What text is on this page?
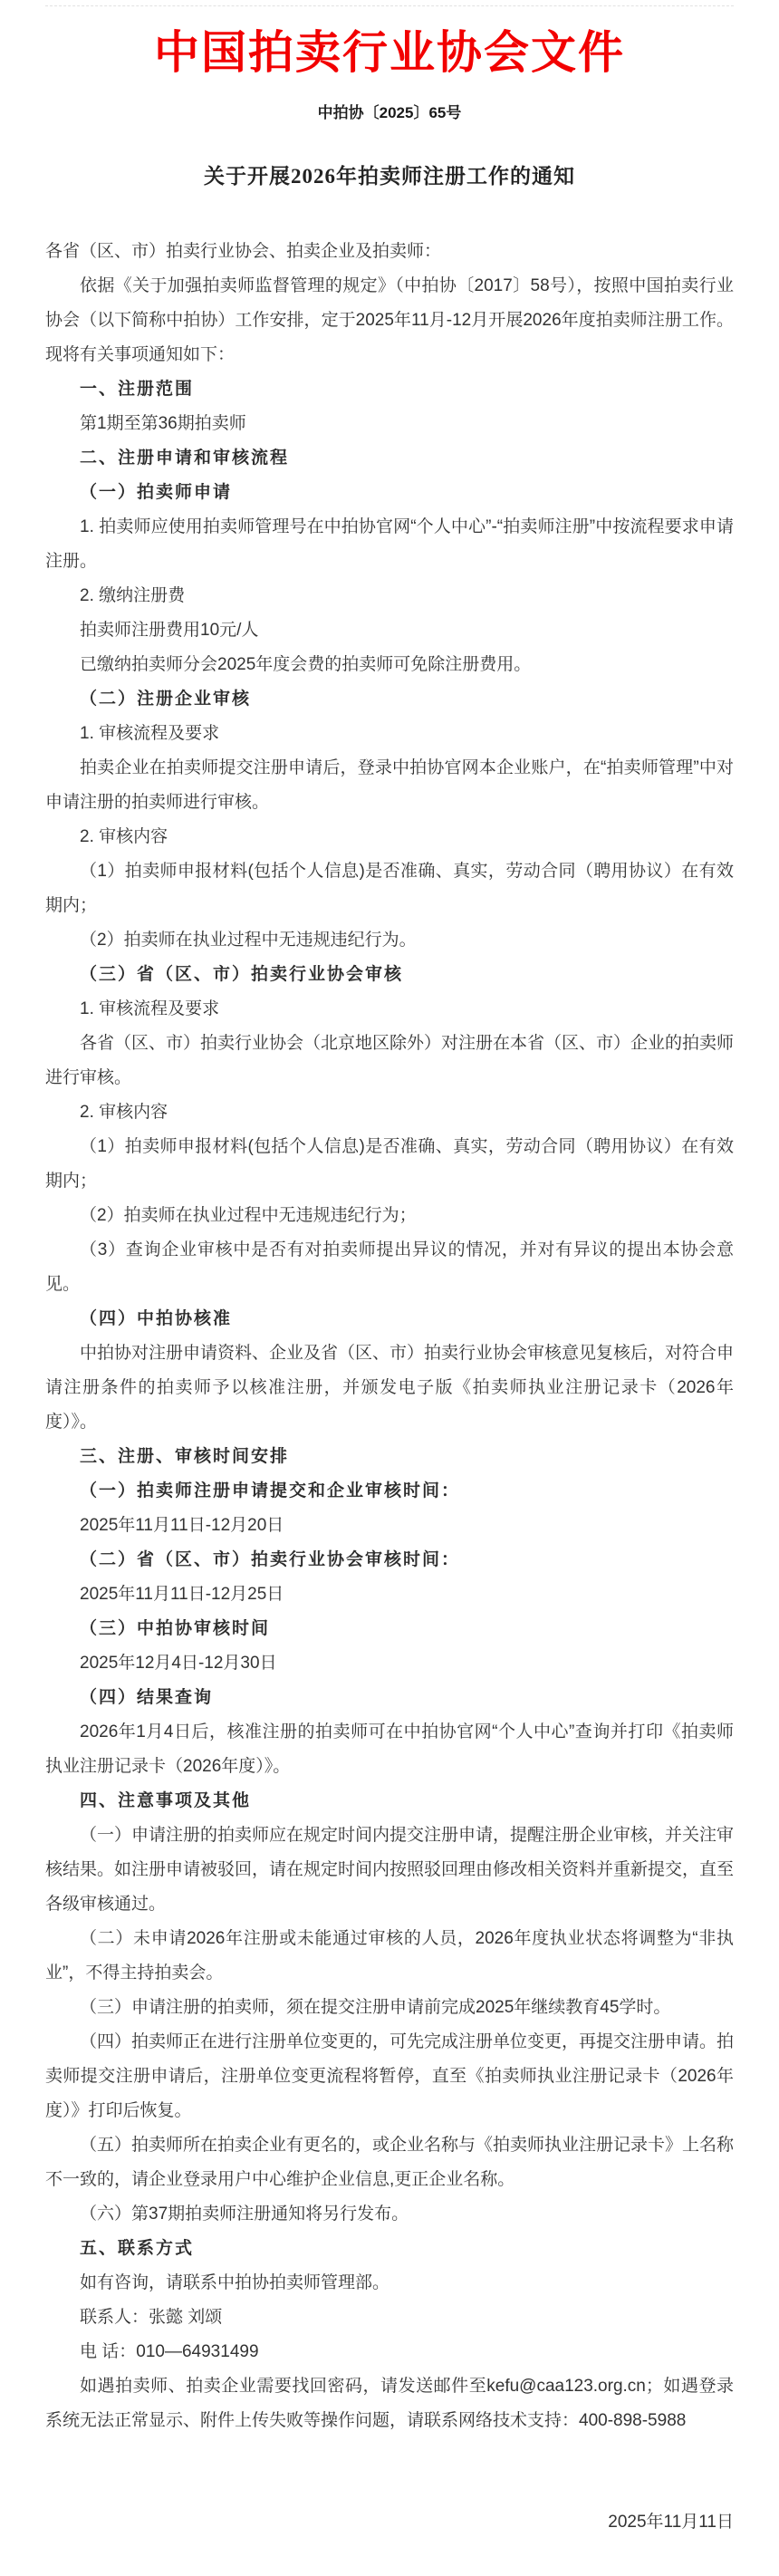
中国拍卖行业协会文件
中拍协〔2025〕65号
关于开展2026年拍卖师注册工作的通知

各省（区、市）拍卖行业协会、拍卖企业及拍卖师：

依据《关于加强拍卖师监督管理的规定》（中拍协〔2017〕58号），按照中国拍卖行业协会（以下简称中拍协）工作安排，定于2025年11月-12月开展2026年度拍卖师注册工作。现将有关事项通知如下：

一、注册范围

第1期至第36期拍卖师

二、注册申请和审核流程

（一）拍卖师申请

1. 拍卖师应使用拍卖师管理号在中拍协官网“个人中心”-“拍卖师注册”中按流程要求申请注册。

2. 缴纳注册费

拍卖师注册费用10元/人

已缴纳拍卖师分会2025年度会费的拍卖师可免除注册费用。

（二）注册企业审核

1. 审核流程及要求

拍卖企业在拍卖师提交注册申请后，登录中拍协官网本企业账户，在“拍卖师管理”中对申请注册的拍卖师进行审核。

2. 审核内容

（1）拍卖师申报材料(包括个人信息)是否准确、真实，劳动合同（聘用协议）在有效期内；

（2）拍卖师在执业过程中无违规违纪行为。

（三）省（区、市）拍卖行业协会审核

1. 审核流程及要求

各省（区、市）拍卖行业协会（北京地区除外）对注册在本省（区、市）企业的拍卖师进行审核。

2. 审核内容

（1）拍卖师申报材料(包括个人信息)是否准确、真实，劳动合同（聘用协议）在有效期内；

（2）拍卖师在执业过程中无违规违纪行为；

（3）查询企业审核中是否有对拍卖师提出异议的情况，并对有异议的提出本协会意见。

（四）中拍协核准

中拍协对注册申请资料、企业及省（区、市）拍卖行业协会审核意见复核后，对符合申请注册条件的拍卖师予以核准注册，并颁发电子版《拍卖师执业注册记录卡（2026年度）》。

三、注册、审核时间安排

（一）拍卖师注册申请提交和企业审核时间：

2025年11月11日-12月20日

（二）省（区、市）拍卖行业协会审核时间：

2025年11月11日-12月25日

（三）中拍协审核时间

2025年12月4日-12月30日

（四）结果查询

2026年1月4日后，核准注册的拍卖师可在中拍协官网“个人中心”查询并打印《拍卖师执业注册记录卡（2026年度）》。

四、注意事项及其他

（一）申请注册的拍卖师应在规定时间内提交注册申请，提醒注册企业审核，并关注审核结果。如注册申请被驳回，请在规定时间内按照驳回理由修改相关资料并重新提交，直至各级审核通过。

（二）未申请2026年注册或未能通过审核的人员，2026年度执业状态将调整为“非执业”，不得主持拍卖会。

（三）申请注册的拍卖师，须在提交注册申请前完成2025年继续教育45学时。

（四）拍卖师正在进行注册单位变更的，可先完成注册单位变更，再提交注册申请。拍卖师提交注册申请后，注册单位变更流程将暂停，直至《拍卖师执业注册记录卡（2026年度）》打印后恢复。

（五）拍卖师所在拍卖企业有更名的，或企业名称与《拍卖师执业注册记录卡》上名称不一致的，请企业登录用户中心维护企业信息,更正企业名称。

（六）第37期拍卖师注册通知将另行发布。

五、联系方式

如有咨询，请联系中拍协拍卖师管理部。

联系人：张懿 刘颂

电 话：010—64931499

如遇拍卖师、拍卖企业需要找回密码，请发送邮件至kefu@caa123.org.cn；如遇登录系统无法正常显示、附件上传失败等操作问题，请联系网络技术支持：400-898-5988

2025年11月11日
